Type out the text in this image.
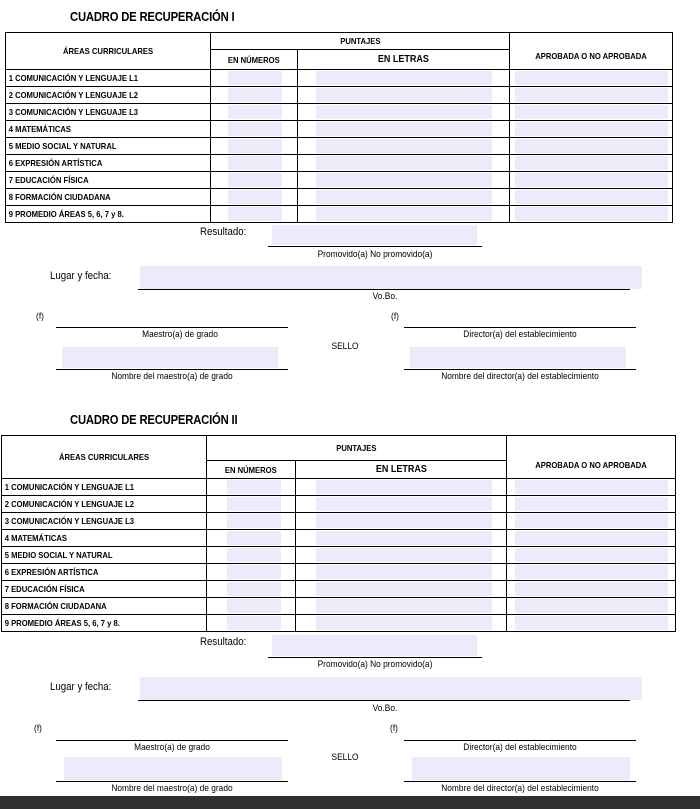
CUADRO DE RECUPERACIÓN I
ÁREAS CURRICULARES	PUNTAJES		APROBADA O NO APROBADA
	EN NÚMEROS	EN LETRAS	

1 COMUNICACIÓN Y LENGUAJE L1			

2 COMUNICACIÓN Y LENGUAJE L2			

3 COMUNICACIÓN Y LENGUAJE L3			

4 MATEMÁTICAS			

5 MEDIO SOCIAL Y NATURAL			

6 EXPRESIÓN ARTÍSTICA			

7 EDUCACIÓN FÍSICA			

8 FORMACIÓN CIUDADANA			

9 PROMEDIO ÁREAS 5, 6, 7 y 8.			

Resultado:
Promovido(a) No promovido(a)
Lugar y fecha:
Vo.Bo.
(f)	(f)
Maestro(a) de grado	Director(a) del establecimiento
SELLO
Nombre del maestro(a) de grado	Nombre del director(a) del establecimiento
CUADRO DE RECUPERACIÓN II
ÁREAS CURRICULARES	PUNTAJES		APROBADA O NO APROBADA
	EN NÚMEROS	EN LETRAS	

1 COMUNICACIÓN Y LENGUAJE L1			

2 COMUNICACIÓN Y LENGUAJE L2			

3 COMUNICACIÓN Y LENGUAJE L3			

4 MATEMÁTICAS			

5 MEDIO SOCIAL Y NATURAL			

6 EXPRESIÓN ARTÍSTICA			

7 EDUCACIÓN FÍSICA			

8 FORMACIÓN CIUDADANA			

9 PROMEDIO ÁREAS 5, 6, 7 y 8.			

Resultado:
Promovido(a) No promovido(a)
Lugar y fecha:
Vo.Bo.
(f)	(f)
Maestro(a) de grado	Director(a) del establecimiento
SELLO
Nombre del maestro(a) de grado	Nombre del director(a) del establecimiento
